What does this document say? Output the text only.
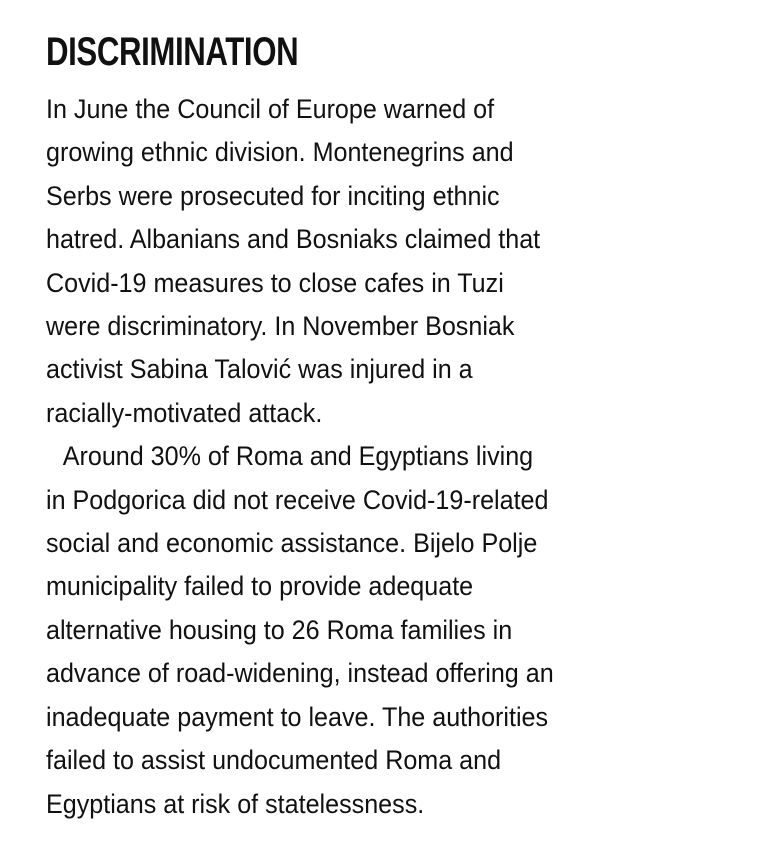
DISCRIMINATION
In June the Council of Europe warned of
growing ethnic division. Montenegrins and
Serbs were prosecuted for inciting ethnic
hatred. Albanians and Bosniaks claimed that
Covid-19 measures to close cafes in Tuzi
were discriminatory. In November Bosniak
activist Sabina Talović was injured in a
racially-motivated attack.
Around 30% of Roma and Egyptians living
in Podgorica did not receive Covid-19-related
social and economic assistance. Bijelo Polje
municipality failed to provide adequate
alternative housing to 26 Roma families in
advance of road-widening, instead offering an
inadequate payment to leave. The authorities
failed to assist undocumented Roma and
Egyptians at risk of statelessness.
